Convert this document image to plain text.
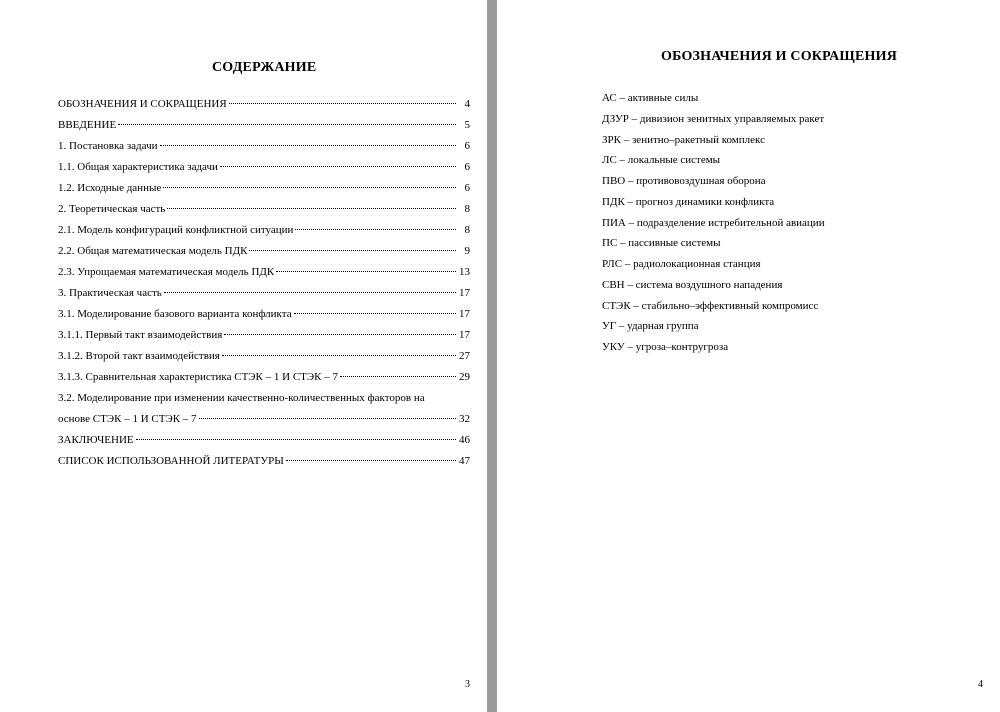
СОДЕРЖАНИЕ
ОБОЗНАЧЕНИЯ И СОКРАЩЕНИЯ	4
ВВЕДЕНИЕ	5
1. Постановка задачи	6
1.1. Общая характеристика задачи	6
1.2. Исходные данные	6
2. Теоретическая часть	8
2.1. Модель конфигураций конфликтной ситуации	8
2.2. Общая математическая модель ПДК	9
2.3. Упрощаемая математическая модель ПДК	13
3. Практическая часть	17
3.1. Моделирование базового варианта конфликта	17
3.1.1. Первый такт взаимодействия	17
3.1.2. Второй такт взаимодействия	27
3.1.3. Сравнительная характеристика СТЭК – 1 И СТЭК – 7	29
3.2. Моделирование при изменении качественно-количественных факторов на
основе СТЭК – 1 И СТЭК – 7	32
ЗАКЛЮЧЕНИЕ	46
СПИСОК ИСПОЛЬЗОВАННОЙ ЛИТЕРАТУРЫ	47
3
ОБОЗНАЧЕНИЯ И СОКРАЩЕНИЯ
АС – активные силы
ДЗУР – дивизион зенитных управляемых ракет
ЗРК – зенитно–ракетный комплекс
ЛС – локальные системы
ПВО – противовоздушная оборона
ПДК – прогноз динамики конфликта
ПИА – подразделение истребительной авиации
ПС – пассивные системы
РЛС – радиолокационная станция
СВН – система воздушного нападения
СТЭК – стабильно–эффективный компромисс
УГ – ударная группа
УКУ – угроза–контругроза
4
